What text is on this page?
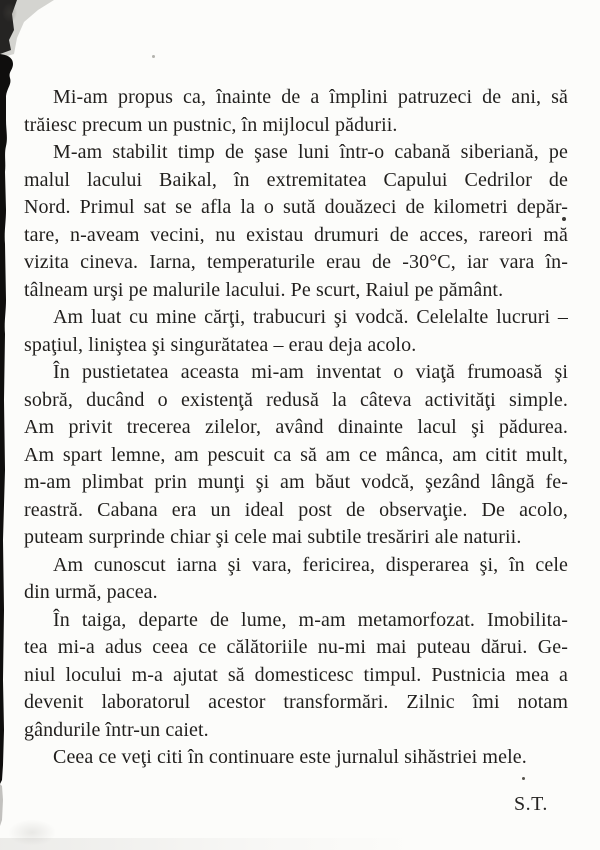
Mi-am propus ca, înainte de a împlini patruzeci de ani, să
trăiesc precum un pustnic, în mijlocul pădurii.
M-am stabilit timp de şase luni într-o cabană siberiană, pe
malul lacului Baikal, în extremitatea Capului Cedrilor de
Nord. Primul sat se afla la o sută douăzeci de kilometri depăr-
tare, n-aveam vecini, nu existau drumuri de acces, rareori mă
vizita cineva. Iarna, temperaturile erau de -30°C, iar vara în-
tâlneam urşi pe malurile lacului. Pe scurt, Raiul pe pământ.
Am luat cu mine cărţi, trabucuri şi vodcă. Celelalte lucruri –
spaţiul, liniştea şi singurătatea – erau deja acolo.
În pustietatea aceasta mi-am inventat o viaţă frumoasă şi
sobră, ducând o existenţă redusă la câteva activităţi simple.
Am privit trecerea zilelor, având dinainte lacul şi pădurea.
Am spart lemne, am pescuit ca să am ce mânca, am citit mult,
m-am plimbat prin munţi şi am băut vodcă, şezând lângă fe-
reastră. Cabana era un ideal post de observaţie. De acolo,
puteam surprinde chiar şi cele mai subtile tresăriri ale naturii.
Am cunoscut iarna şi vara, fericirea, disperarea şi, în cele
din urmă, pacea.
În taiga, departe de lume, m-am metamorfozat. Imobilita-
tea mi-a adus ceea ce călătoriile nu-mi mai puteau dărui. Ge-
niul locului m-a ajutat să domesticesc timpul. Pustnicia mea a
devenit laboratorul acestor transformări. Zilnic îmi notam
gândurile într-un caiet.
Ceea ce veţi citi în continuare este jurnalul sihăstriei mele.
S.T.
